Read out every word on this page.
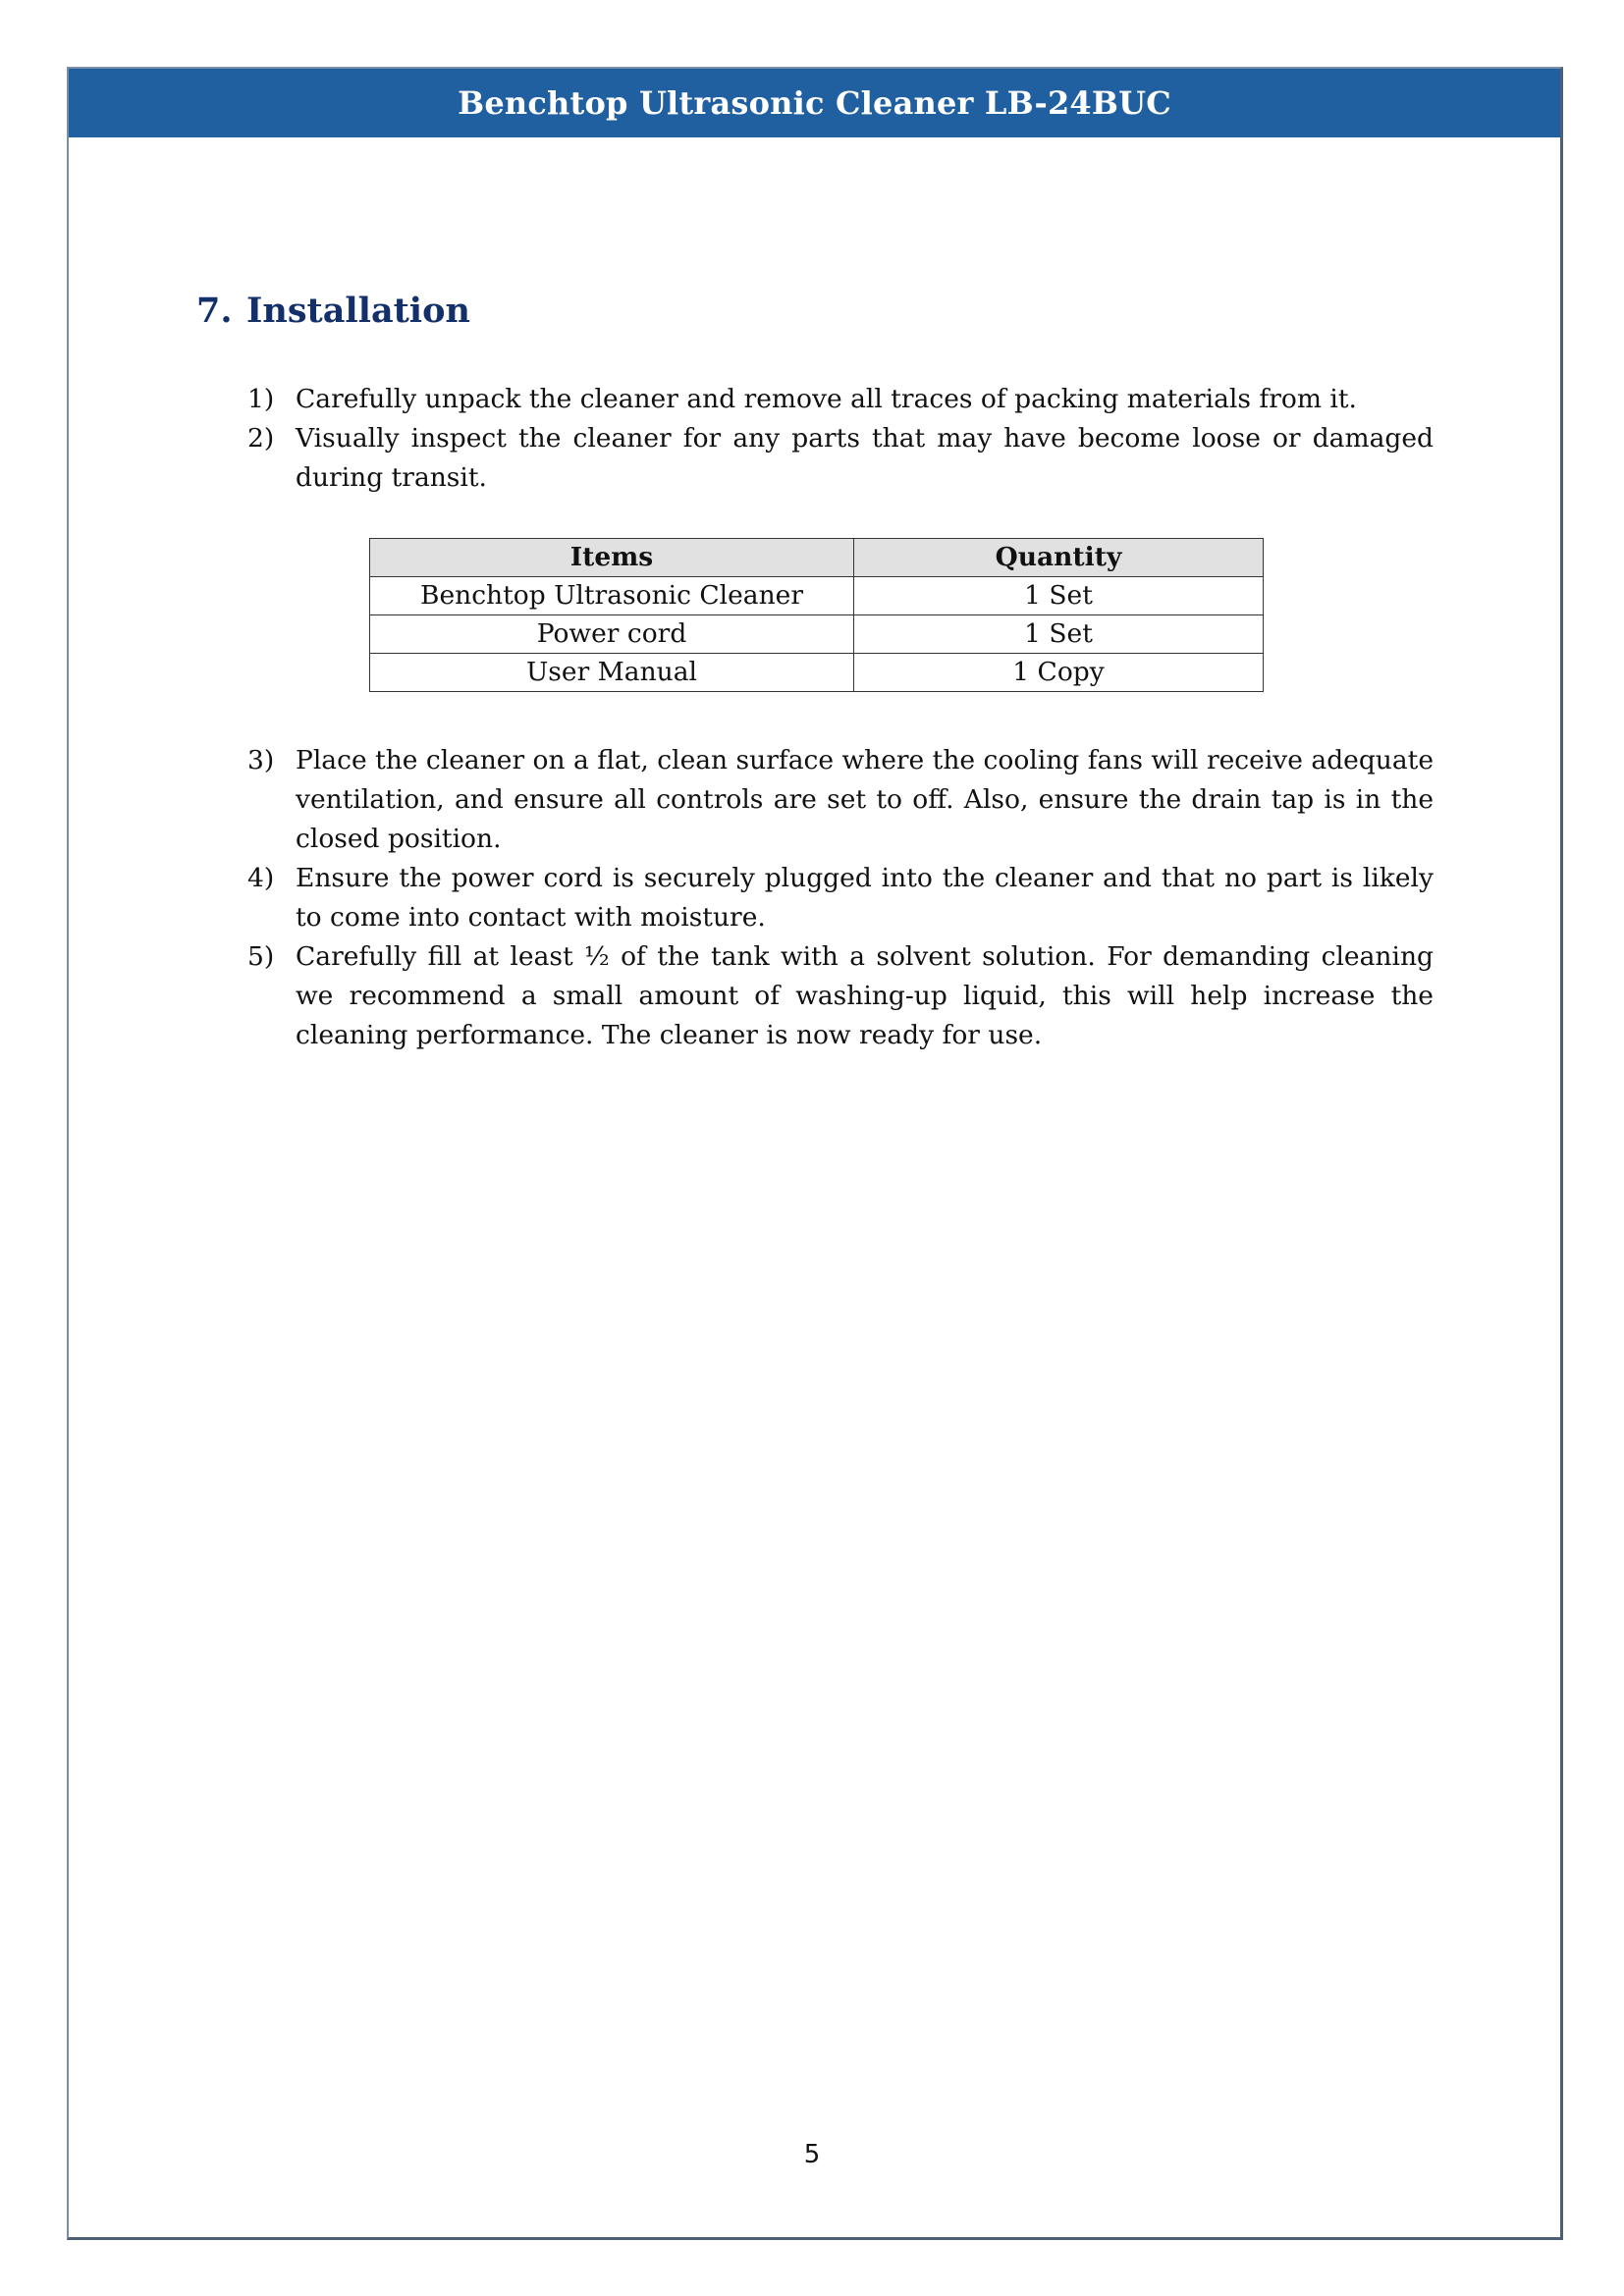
Benchtop Ultrasonic Cleaner LB-24BUC
7. Installation
1) Carefully unpack the cleaner and remove all traces of packing materials from it.
2) Visually inspect the cleaner for any parts that may have become loose or damaged during transit.
Items	Quantity
Benchtop Ultrasonic Cleaner	1 Set
Power cord	1 Set
User Manual	1 Copy
3) Place the cleaner on a flat, clean surface where the cooling fans will receive adequate ventilation, and ensure all controls are set to off. Also, ensure the drain tap is in the closed position.
4) Ensure the power cord is securely plugged into the cleaner and that no part is likely to come into contact with moisture.
5) Carefully fill at least ½ of the tank with a solvent solution. For demanding cleaning we recommend a small amount of washing-up liquid, this will help increase the cleaning performance. The cleaner is now ready for use.
5
